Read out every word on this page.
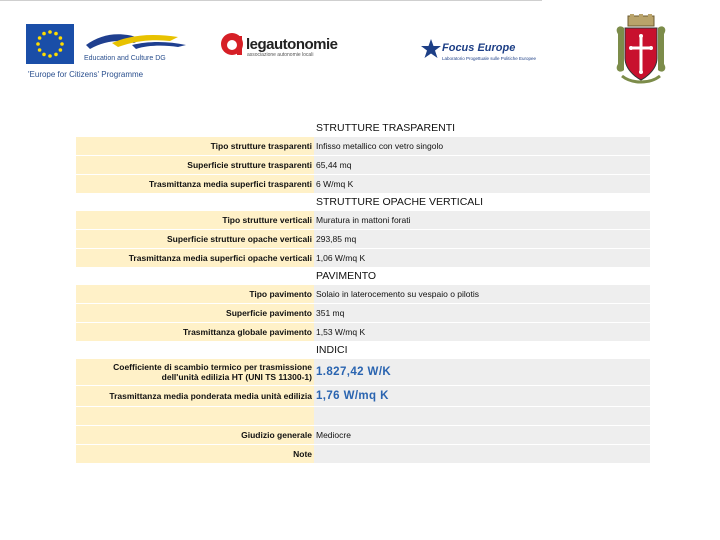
Education and Culture DG
'Europe for Citizens' Programme
legautonomie
associazione autonomie locali
Focus Europe
Laboratorio Progettuale sulle Politiche Europee
STRUTTURE TRASPARENTI
Tipo strutture trasparenti Infisso metallico con vetro singolo
Superficie strutture trasparenti 65,44 mq
Trasmittanza media superfici trasparenti 6 W/mq K
STRUTTURE OPACHE VERTICALI
Tipo strutture verticali Muratura in mattoni forati
Superficie strutture opache verticali 293,85 mq
Trasmittanza media superfici opache verticali 1,06 W/mq K
PAVIMENTO
Tipo pavimento Solaio in laterocemento su vespaio o pilotis
Superficie pavimento 351 mq
Trasmittanza globale pavimento 1,53 W/mq K
INDICI
Coefficiente di scambio termico per trasmissione
dell'unità edilizia HT (UNI TS 11300-1) 1.827,42 W/K
Trasmittanza media ponderata media unità edilizia 1,76 W/mq K
Giudizio generale Mediocre
Note
